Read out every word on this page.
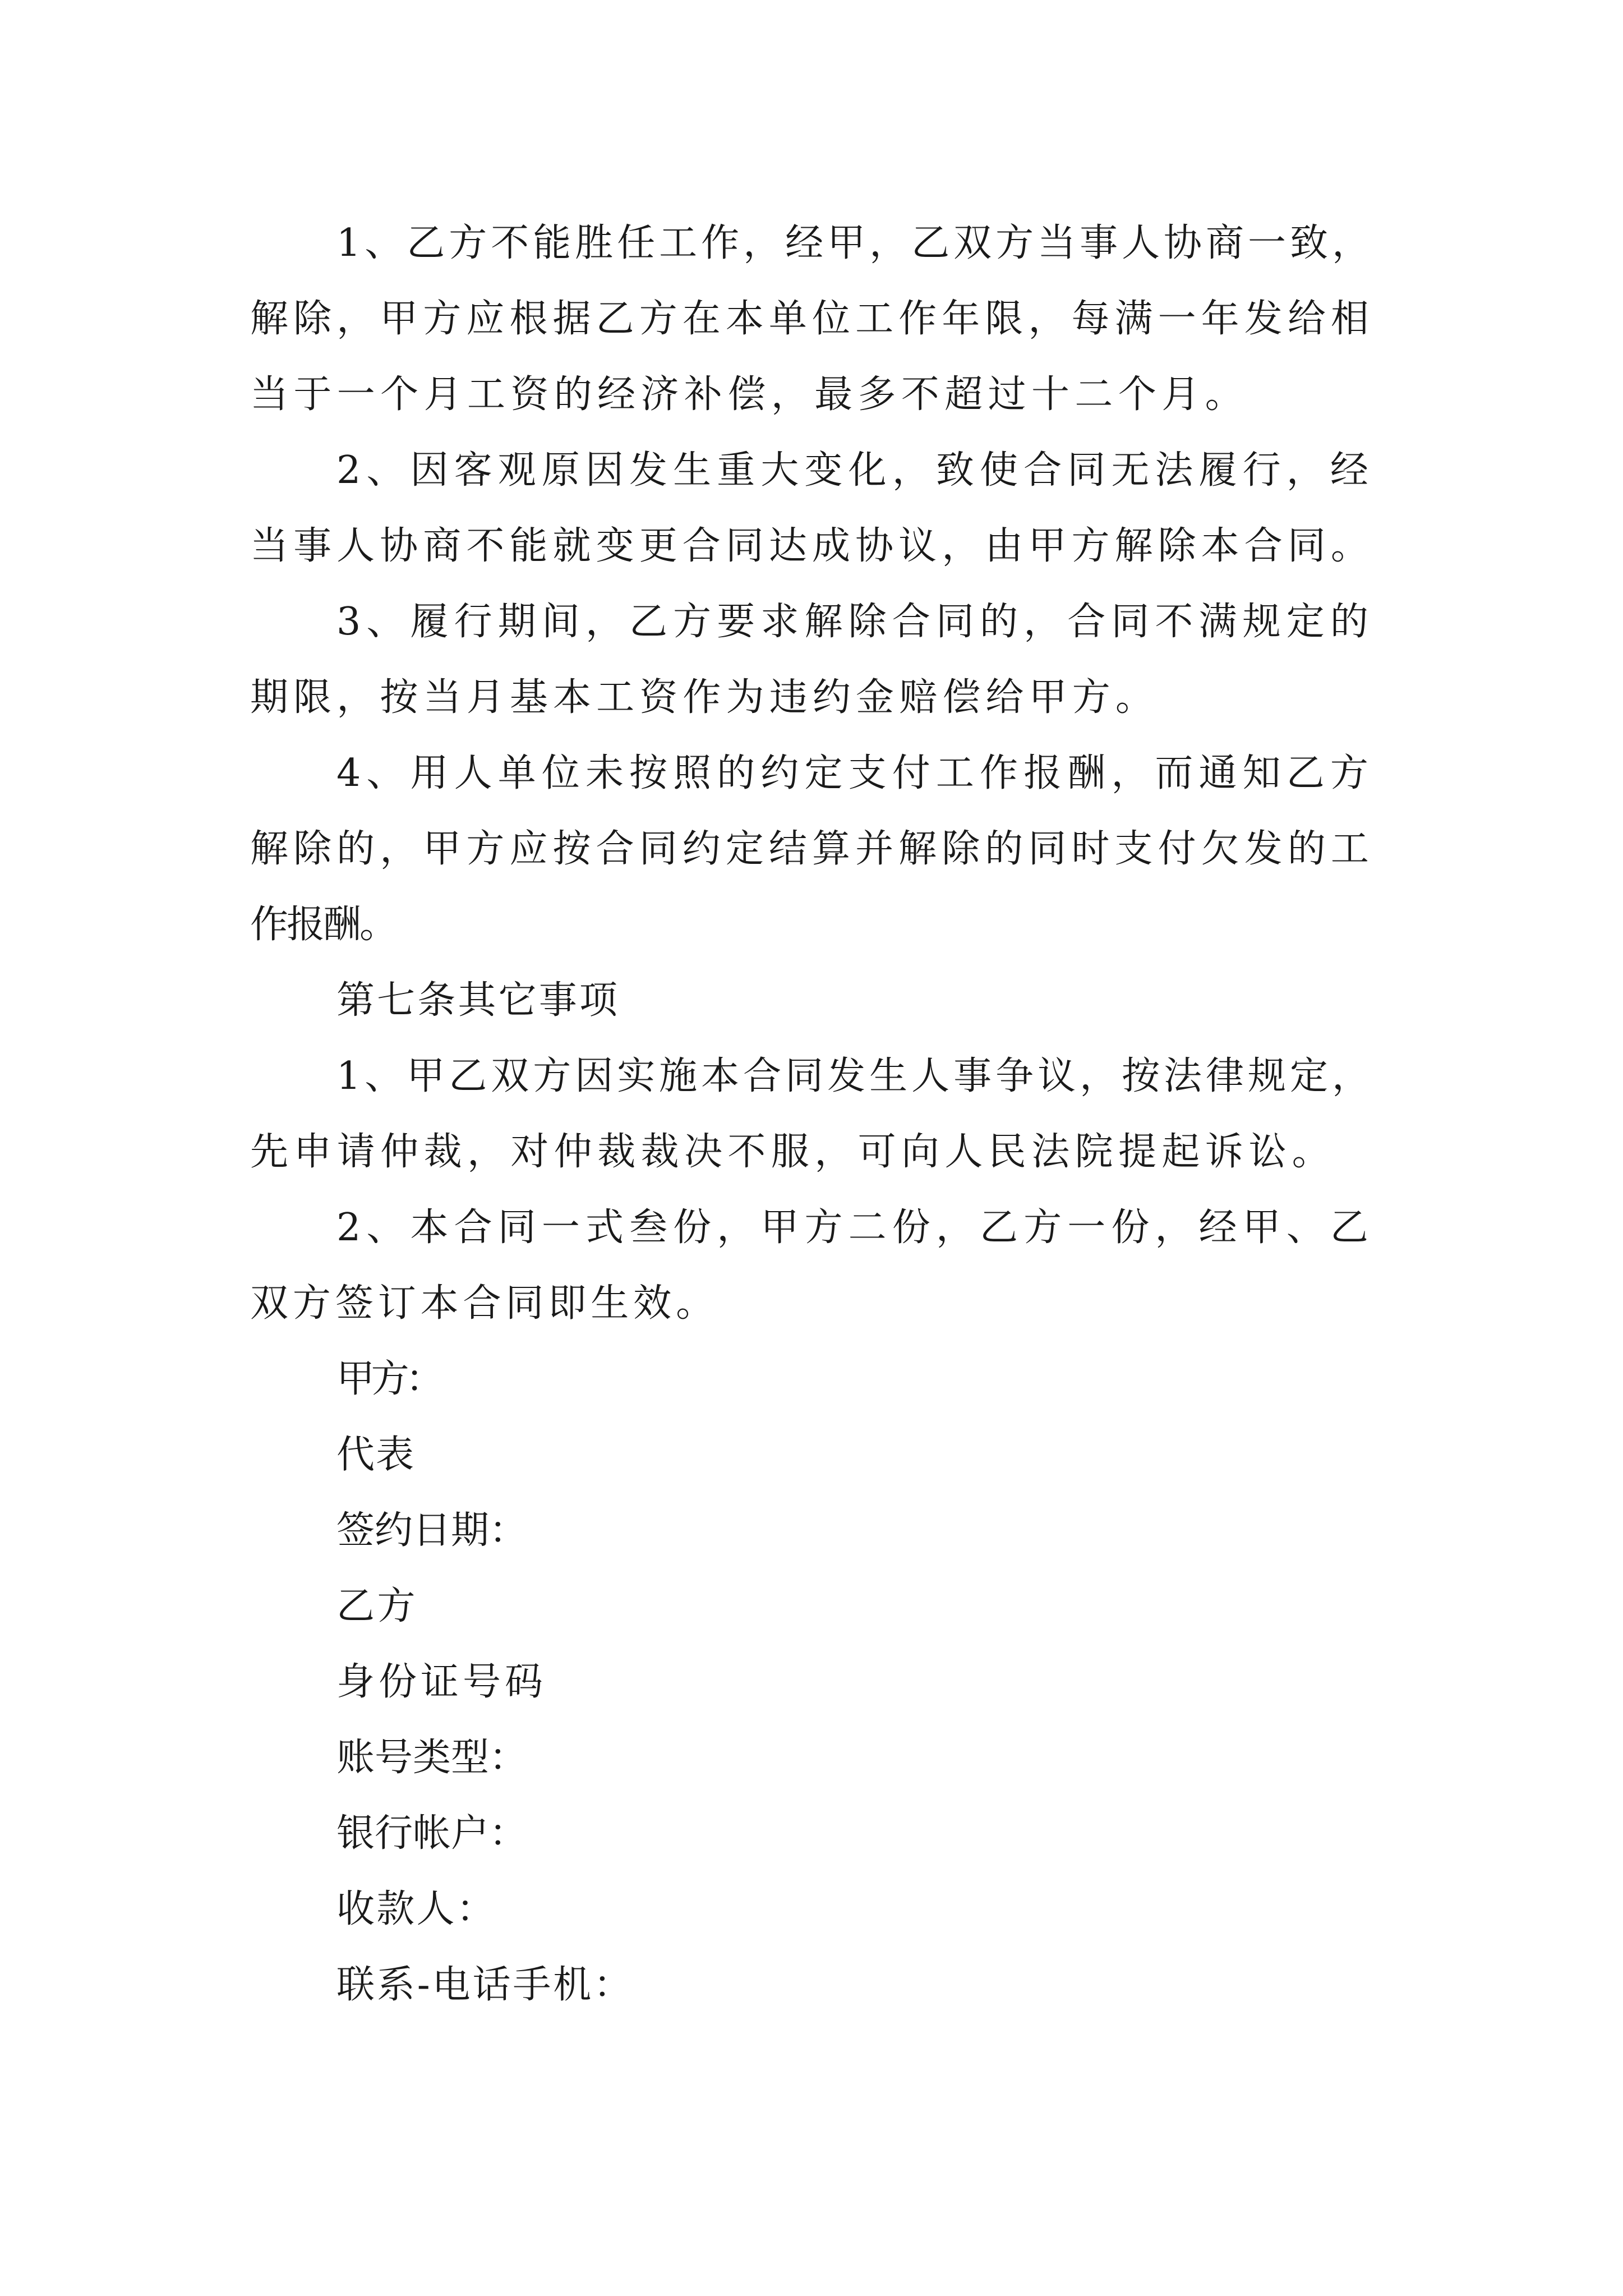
1、乙方不能胜任工作，经甲，乙双方当事人协商一致，
解除，甲方应根据乙方在本单位工作年限，每满一年发给相
当于一个月工资的经济补偿，最多不超过十二个月。
2、因客观原因发生重大变化，致使合同无法履行，经
当事人协商不能就变更合同达成协议，由甲方解除本合同。
3、履行期间，乙方要求解除合同的，合同不满规定的
期限，按当月基本工资作为违约金赔偿给甲方。
4、用人单位未按照的约定支付工作报酬，而通知乙方
解除的，甲方应按合同约定结算并解除的同时支付欠发的工
作报酬。
第七条其它事项
1、甲乙双方因实施本合同发生人事争议，按法律规定，
先申请仲裁，对仲裁裁决不服，可向人民法院提起诉讼。
2、本合同一式叁份，甲方二份，乙方一份，经甲、乙
双方签订本合同即生效。
甲方：
代表
签约日期：
乙方
身份证号码
账号类型：
银行帐户：
收款人：
联系-电话手机：
